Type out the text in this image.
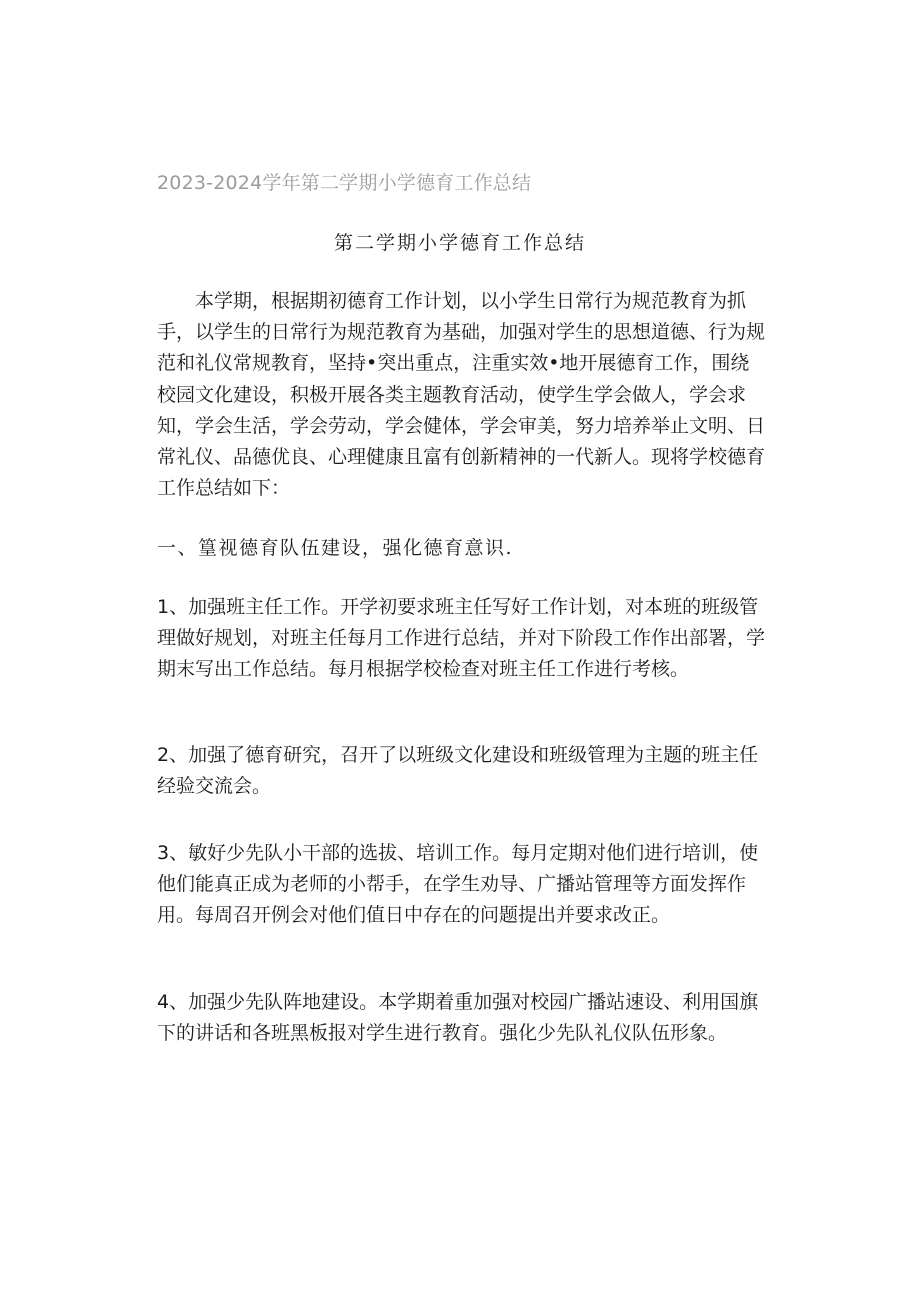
2023-2024学年第二学期小学德育工作总结
第二学期小学德育工作总结

本学期，根据期初德育工作计划，以小学生日常行为规范教育为抓手，以学生的日常行为规范教育为基础，加强对学生的思想道德、行为规范和礼仪常规教育，坚持•突出重点，注重实效•地开展德育工作，围绕校园文化建设，积极开展各类主题教育活动，使学生学会做人，学会求知，学会生活，学会劳动，学会健体，学会审美，努力培养举止文明、日常礼仪、品德优良、心理健康且富有创新精神的一代新人。现将学校德育工作总结如下：

一、篁视德育队伍建设，强化德育意识.

1、加强班主任工作。开学初要求班主任写好工作计划，对本班的班级管理做好规划，对班主任每月工作进行总结，并对下阶段工作作出部署，学期末写出工作总结。每月根据学校检查对班主任工作进行考核。

2、加强了德育研究，召开了以班级文化建设和班级管理为主题的班主任经验交流会。

3、敏好少先队小干部的选拔、培训工作。每月定期对他们进行培训，使他们能真正成为老师的小帮手，在学生劝导、广播站管理等方面发挥作用。每周召开例会对他们值日中存在的问题提出并要求改正。

4、加强少先队阵地建设。本学期着重加强对校园广播站速设、利用国旗下的讲话和各班黑板报对学生进行教育。强化少先队礼仪队伍形象。
